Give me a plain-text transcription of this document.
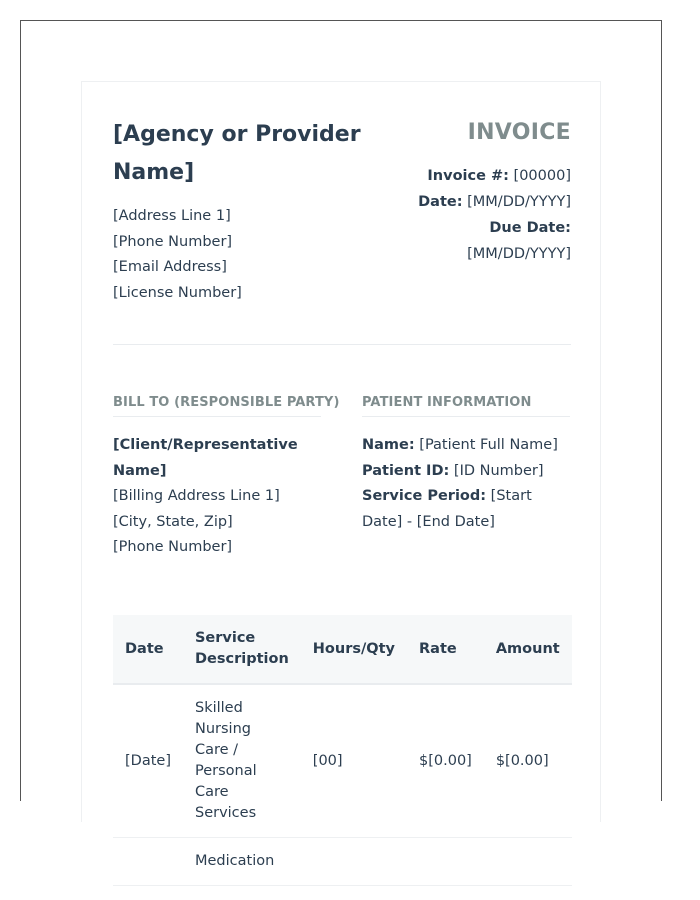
[Agency or Provider Name]
[Address Line 1]
[Phone Number]
[Email Address]
[License Number]
INVOICE
Invoice #: [00000]
Date: [MM/DD/YYYY]
Due Date: [MM/DD/YYYY]
BILL TO (RESPONSIBLE PARTY)
[Client/Representative Name]
[Billing Address Line 1]
[City, State, Zip]
[Phone Number]
PATIENT INFORMATION
Name: [Patient Full Name]
Patient ID: [ID Number]
Service Period: [Start Date] - [End Date]
Date	Service Description	Hours/Qty	Rate	Amount
[Date]	Skilled Nursing Care / Personal Care Services	[00]	$[0.00]	$[0.00]
	Medication			
